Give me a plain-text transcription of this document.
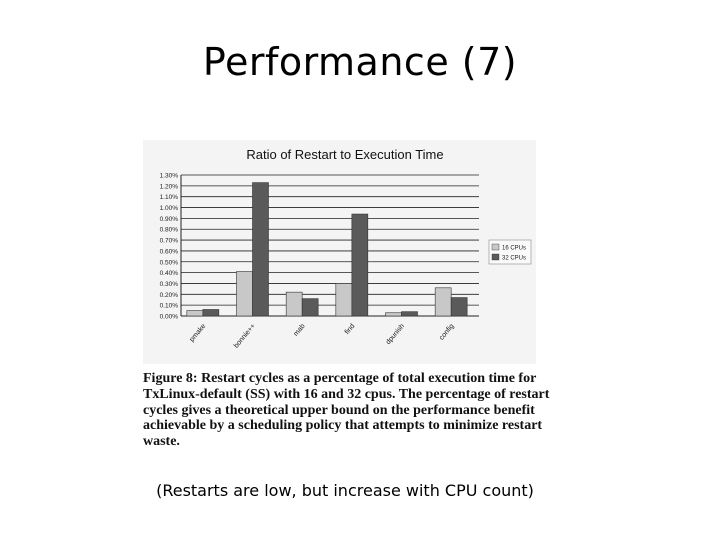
Performance (7)
Ratio of Restart to Execution Time
0.00%
0.10%
0.20%
0.30%
0.40%
0.50%
0.60%
0.70%
0.80%
0.90%
1.00%
1.10%
1.20%
1.30%
pmake	bonnie++	mab	find	dpunish	config
16 CPUs
32 CPUs
Figure 8: Restart cycles as a percentage of total execution time for TxLinux-default (SS) with 16 and 32 cpus. The percentage of restart cycles gives a theoretical upper bound on the performance benefit achievable by a scheduling policy that attempts to minimize restart waste.
(Restarts are low, but increase with CPU count)
